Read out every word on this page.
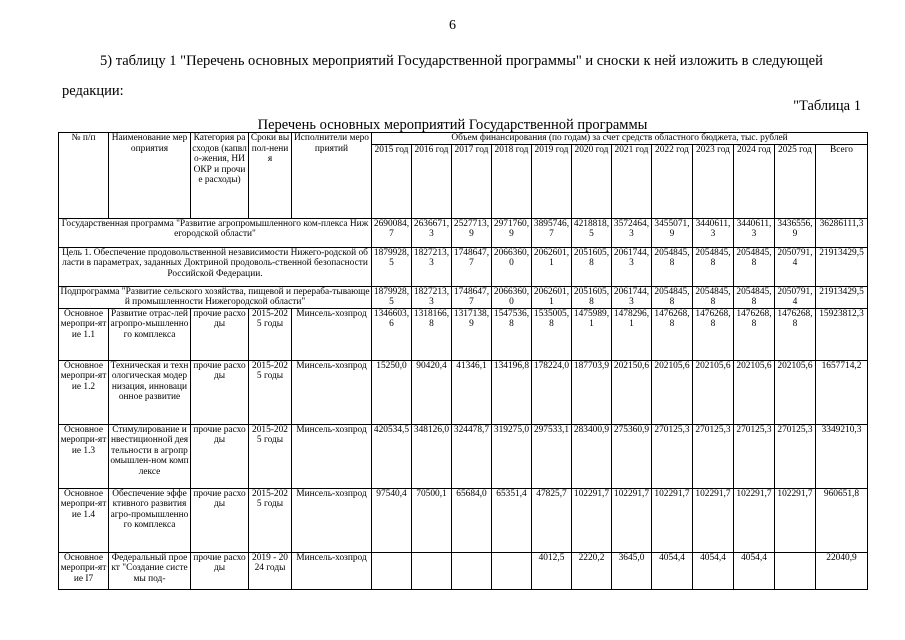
6
5) таблицу 1 "Перечень основных мероприятий Государственной программы" и сноски к ней изложить в следующей
редакции:
"Таблица 1
Перечень основных мероприятий Государственной программы
№ п/п	Наименование мероприятия	Категория расходов (капвло-жения, НИОКР и прочие расходы)	Сроки выпол-нения	Исполнители мероприятий	Объем финансирования (по годам) за счет средств областного бюджета, тыс. рублей											
					2015 год	2016 год	2017 год	2018 год	2019 год	2020 год	2021 год	2022 год	2023 год	2024 год	2025 год	Всего
Государственная программа "Развитие агропромышленного ком-плекса Нижегородской области"					2690084,7	2636671,3	2527713,9	2971760,9	3895746,7	4218818,5	3572464,3	3455071,9	3440611,3	3440611,3	3436556,9	36286111,3
Цель 1. Обеспечение продовольственной независимости Нижего-родской области в параметрах, заданных Доктриной продоволь-ственной безопасности Российской Федерации.					1879928,5	1827213,3	1748647,7	2066360,0	2062601,1	2051605,8	2061744,3	2054845,8	2054845,8	2054845,8	2050791,4	21913429,5
Подпрограмма "Развитие сельского хозяйства, пищевой и перераба-тывающей промышленности Нижегородской области"					1879928,5	1827213,3	1748647,7	2066360,0	2062601,1	2051605,8	2061744,3	2054845,8	2054845,8	2054845,8	2050791,4	21913429,5
Основное меропри-ятие 1.1	Развитие отрас-лей агропро-мышленного комплекса	прочие расходы	2015-2025 годы	Минсель-хозпрод	1346603,6	1318166,8	1317138,9	1547536,8	1535005,8	1475989,1	1478296,1	1476268,8	1476268,8	1476268,8	1476268,8	15923812,3
Основное меропри-ятие 1.2	Техническая и технологическая модернизация, инновационное развитие	прочие расходы	2015-2025 годы	Минсель-хозпрод	15250,0	90420,4	41346,1	134196,8	178224,0	187703,9	202150,6	202105,6	202105,6	202105,6	202105,6	1657714,2
Основное меропри-ятие 1.3	Стимулирование инвестиционной деятельности в агропромышлен-ном комплексе	прочие расходы	2015-2025 годы	Минсель-хозпрод	420534,5	348126,0	324478,7	319275,0	297533,1	283400,9	275360,9	270125,3	270125,3	270125,3	270125,3	3349210,3
Основное меропри-ятие 1.4	Обеспечение эффективного развития агро-промышленного комплекса	прочие расходы	2015-2025 годы	Минсель-хозпрод	97540,4	70500,1	65684,0	65351,4	47825,7	102291,7	102291,7	102291,7	102291,7	102291,7	102291,7	960651,8
Основное меропри-ятие I7	Федеральный проект "Создание системы под-	прочие расходы	2019 - 2024 годы	Минсель-хозпрод					4012,5	2220,2	3645,0	4054,4	4054,4	4054,4		22040,9
